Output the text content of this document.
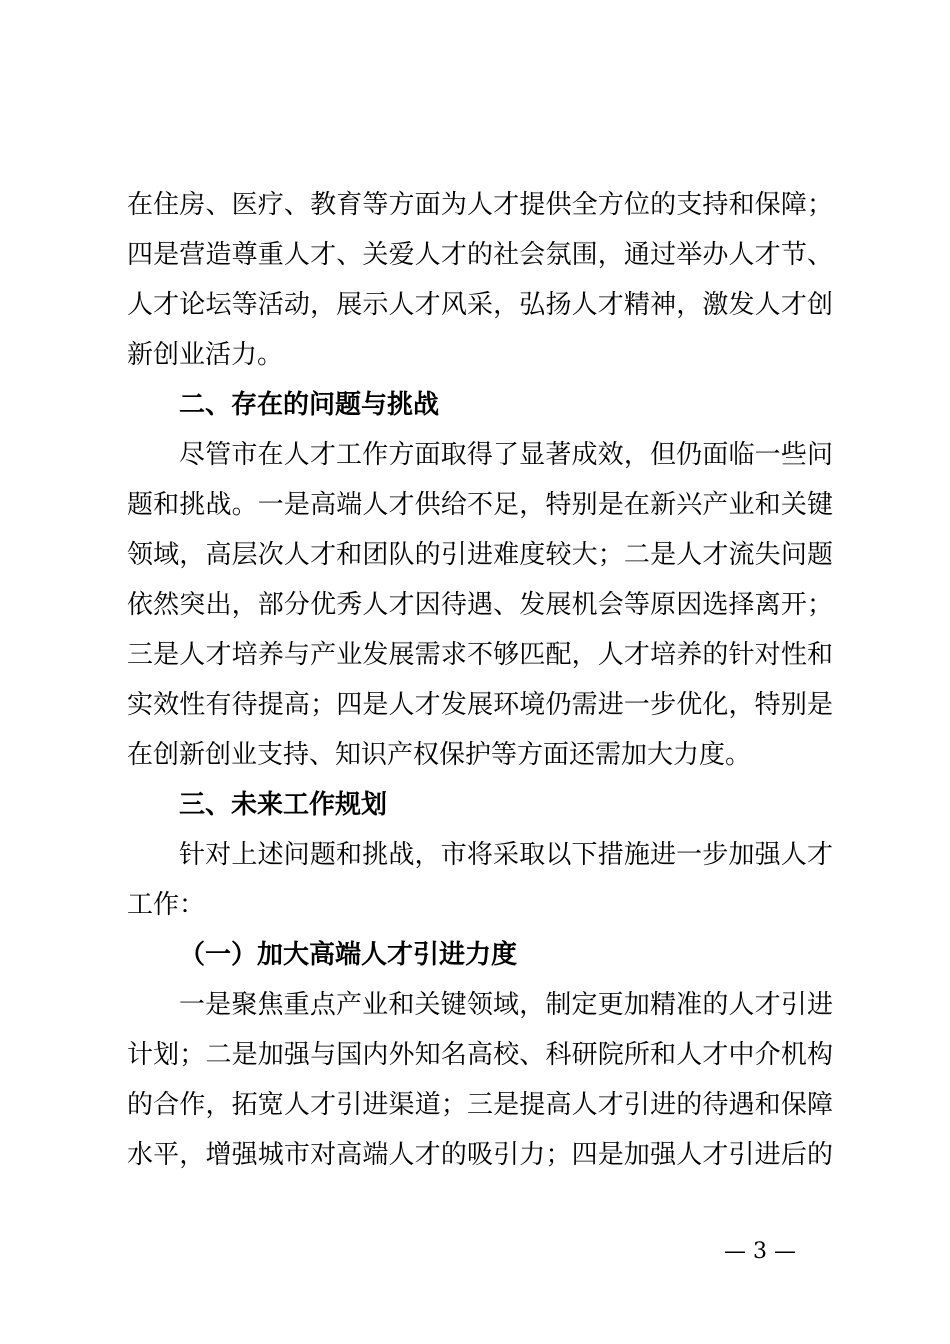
在住房、医疗、教育等方面为人才提供全方位的支持和保障；
四是营造尊重人才、关爱人才的社会氛围，通过举办人才节、
人才论坛等活动，展示人才风采，弘扬人才精神，激发人才创
新创业活力。
二、存在的问题与挑战
尽管市在人才工作方面取得了显著成效，但仍面临一些问
题和挑战。一是高端人才供给不足，特别是在新兴产业和关键
领域，高层次人才和团队的引进难度较大；二是人才流失问题
依然突出，部分优秀人才因待遇、发展机会等原因选择离开；
三是人才培养与产业发展需求不够匹配，人才培养的针对性和
实效性有待提高；四是人才发展环境仍需进一步优化，特别是
在创新创业支持、知识产权保护等方面还需加大力度。
三、未来工作规划
针对上述问题和挑战，市将采取以下措施进一步加强人才
工作：
（一）加大高端人才引进力度
一是聚焦重点产业和关键领域，制定更加精准的人才引进
计划；二是加强与国内外知名高校、科研院所和人才中介机构
的合作，拓宽人才引进渠道；三是提高人才引进的待遇和保障
水平，增强城市对高端人才的吸引力；四是加强人才引进后的
— 3 —
